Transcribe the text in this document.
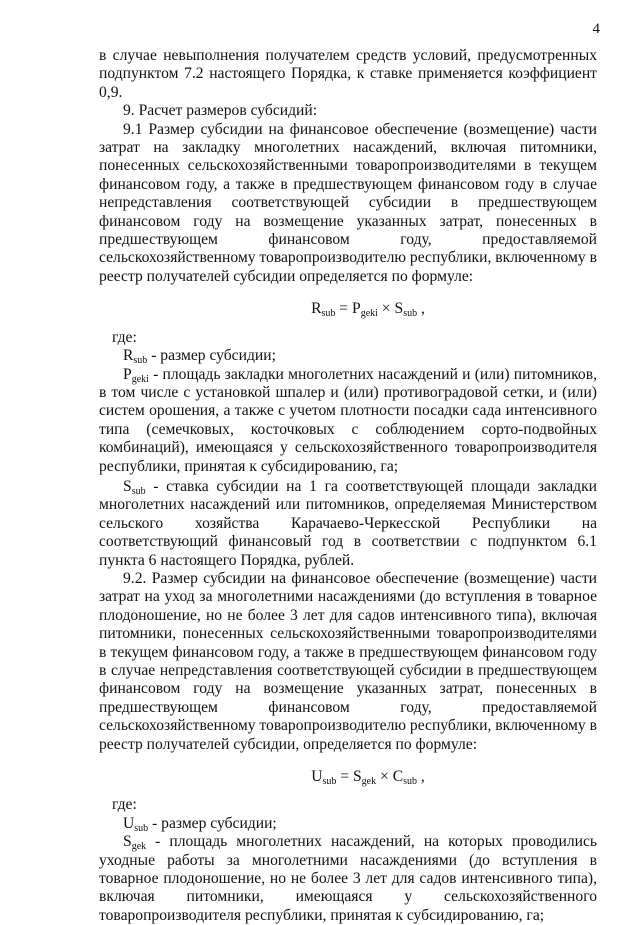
4

в случае невыполнения получателем средств условий, предусмотренных подпунктом 7.2 настоящего Порядка, к ставке применяется коэффициент 0,9.

9. Расчет размеров субсидий:

9.1 Размер субсидии на финансовое обеспечение (возмещение) части затрат на закладку многолетних насаждений, включая питомники, понесенных сельскохозяйственными товаропроизводителями в текущем финансовом году, а также в предшествующем финансовом году в случае непредставления соответствующей субсидии в предшествующем финансовом году на возмещение указанных затрат, понесенных в предшествующем финансовом году, предоставляемой сельскохозяйственному товаропроизводителю республики, включенному в реестр получателей субсидии определяется по формуле:

$R_{sub} = P_{geki} \times S_{sub}$ ,

где:

$R_{sub}$ - размер субсидии;

$P_{geki}$ - площадь закладки многолетних насаждений и (или) питомников, в том числе с установкой шпалер и (или) противоградовой сетки, и (или) систем орошения, а также с учетом плотности посадки сада интенсивного типа (семечковых, косточковых с соблюдением сорто-подвойных комбинаций), имеющаяся у сельскохозяйственного товаропроизводителя республики, принятая к субсидированию, га;

$S_{sub}$ - ставка субсидии на 1 га соответствующей площади закладки многолетних насаждений или питомников, определяемая Министерством сельского хозяйства Карачаево-Черкесской Республики на соответствующий финансовый год в соответствии с подпунктом 6.1 пункта 6 настоящего Порядка, рублей.

9.2. Размер субсидии на финансовое обеспечение (возмещение) части затрат на уход за многолетними насаждениями (до вступления в товарное плодоношение, но не более 3 лет для садов интенсивного типа), включая питомники, понесенных сельскохозяйственными товаропроизводителями в текущем финансовом году, а также в предшествующем финансовом году в случае непредставления соответствующей субсидии в предшествующем финансовом году на возмещение указанных затрат, понесенных в предшествующем финансовом году, предоставляемой сельскохозяйственному товаропроизводителю республики, включенному в реестр получателей субсидии, определяется по формуле:

$U_{sub} = S_{gek} \times C_{sub}$ ,

где:

$U_{sub}$ - размер субсидии;

$S_{gek}$ - площадь многолетних насаждений, на которых проводились уходные работы за многолетними насаждениями (до вступления в товарное плодоношение, но не более 3 лет для садов интенсивного типа), включая питомники, имеющаяся у сельскохозяйственного товаропроизводителя республики, принятая к субсидированию, га;
